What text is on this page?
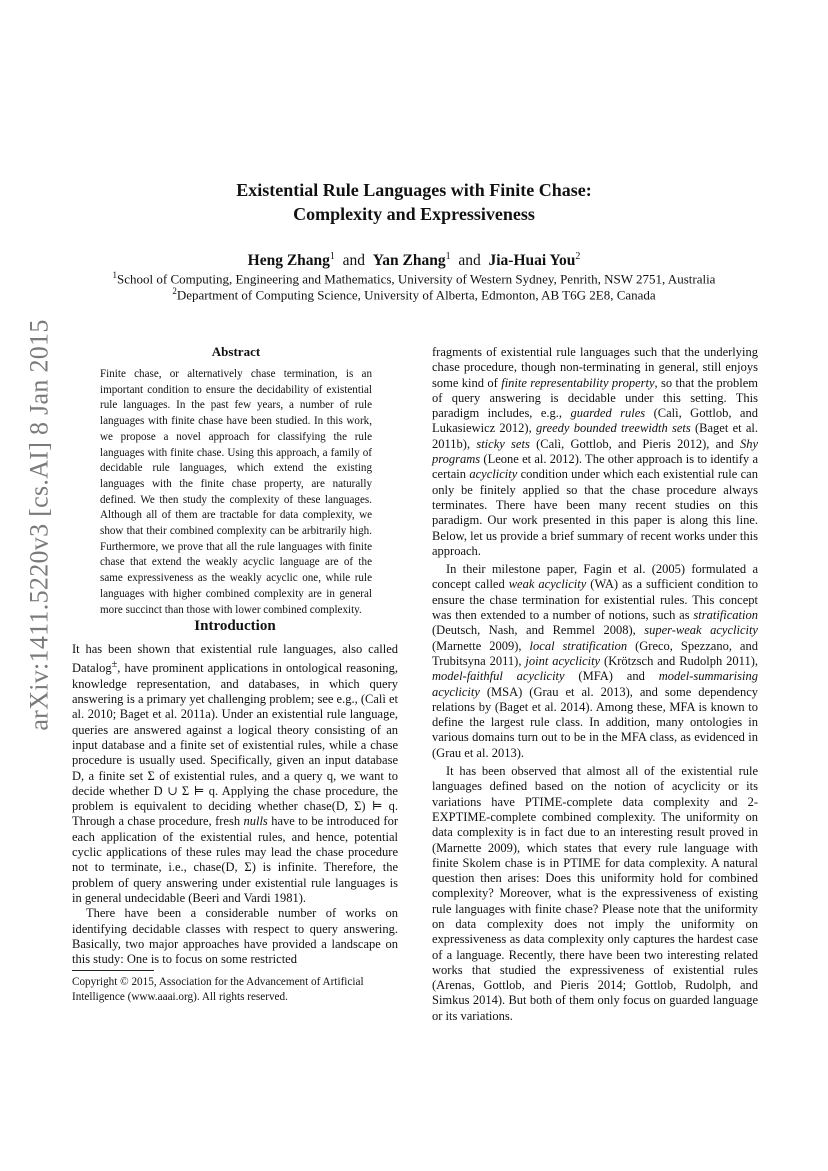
arXiv:1411.5220v3 [cs.AI] 8 Jan 2015
Existential Rule Languages with Finite Chase:
Complexity and Expressiveness
Heng Zhang$^1$ and Yan Zhang$^1$ and Jia-Huai You$^2$
$^1$School of Computing, Engineering and Mathematics, University of Western Sydney, Penrith, NSW 2751, Australia
$^2$Department of Computing Science, University of Alberta, Edmonton, AB T6G 2E8, Canada
Abstract
Finite chase, or alternatively chase termination, is an important condition to ensure the decidability of existential rule languages. In the past few years, a number of rule languages with finite chase have been studied. In this work, we propose a novel approach for classifying the rule languages with finite chase. Using this approach, a family of decidable rule languages, which extend the existing languages with the finite chase property, are naturally defined. We then study the complexity of these languages. Although all of them are tractable for data complexity, we show that their combined complexity can be arbitrarily high. Furthermore, we prove that all the rule languages with finite chase that extend the weakly acyclic language are of the same expressiveness as the weakly acyclic one, while rule languages with higher combined complexity are in general more succinct than those with lower combined complexity.
Introduction

It has been shown that existential rule languages, also called Datalog±, have prominent applications in ontological reasoning, knowledge representation, and databases, in which query answering is a primary yet challenging problem; see e.g., (Calì et al. 2010; Baget et al. 2011a). Under an existential rule language, queries are answered against a logical theory consisting of an input database and a finite set of existential rules, while a chase procedure is usually used. Specifically, given an input database D, a finite set Σ of existential rules, and a query q, we want to decide whether D ∪ Σ ⊨ q. Applying the chase procedure, the problem is equivalent to deciding whether chase(D, Σ) ⊨ q. Through a chase procedure, fresh nulls have to be introduced for each application of the existential rules, and hence, potential cyclic applications of these rules may lead the chase procedure not to terminate, i.e., chase(D, Σ) is infinite. Therefore, the problem of query answering under existential rule languages is in general undecidable (Beeri and Vardi 1981).

There have been a considerable number of works on identifying decidable classes with respect to query answering. Basically, two major approaches have provided a landscape on this study: One is to focus on some restricted

fragments of existential rule languages such that the underlying chase procedure, though non-terminating in general, still enjoys some kind of finite representability property, so that the problem of query answering is decidable under this setting. This paradigm includes, e.g., guarded rules (Calì, Gottlob, and Lukasiewicz 2012), greedy bounded treewidth sets (Baget et al. 2011b), sticky sets (Calì, Gottlob, and Pieris 2012), and Shy programs (Leone et al. 2012). The other approach is to identify a certain acyclicity condition under which each existential rule can only be finitely applied so that the chase procedure always terminates. There have been many recent studies on this paradigm. Our work presented in this paper is along this line. Below, let us provide a brief summary of recent works under this approach.

In their milestone paper, Fagin et al. (2005) formulated a concept called weak acyclicity (WA) as a sufficient condition to ensure the chase termination for existential rules. This concept was then extended to a number of notions, such as stratification (Deutsch, Nash, and Remmel 2008), super-weak acyclicity (Marnette 2009), local stratification (Greco, Spezzano, and Trubitsyna 2011), joint acyclicity (Krötzsch and Rudolph 2011), model-faithful acyclicity (MFA) and model-summarising acyclicity (MSA) (Grau et al. 2013), and some dependency relations by (Baget et al. 2014). Among these, MFA is known to define the largest rule class. In addition, many ontologies in various domains turn out to be in the MFA class, as evidenced in (Grau et al. 2013).

It has been observed that almost all of the existential rule languages defined based on the notion of acyclicity or its variations have PTIME-complete data complexity and 2-EXPTIME-complete combined complexity. The uniformity on data complexity is in fact due to an interesting result proved in (Marnette 2009), which states that every rule language with finite Skolem chase is in PTIME for data complexity. A natural question then arises: Does this uniformity hold for combined complexity? Moreover, what is the expressiveness of existing rule languages with finite chase? Please note that the uniformity on data complexity does not imply the uniformity on expressiveness as data complexity only captures the hardest case of a language. Recently, there have been two interesting related works that studied the expressiveness of existential rules (Arenas, Gottlob, and Pieris 2014; Gottlob, Rudolph, and Simkus 2014). But both of them only focus on guarded language or its variations.

Copyright © 2015, Association for the Advancement of Artificial Intelligence (www.aaai.org). All rights reserved.
